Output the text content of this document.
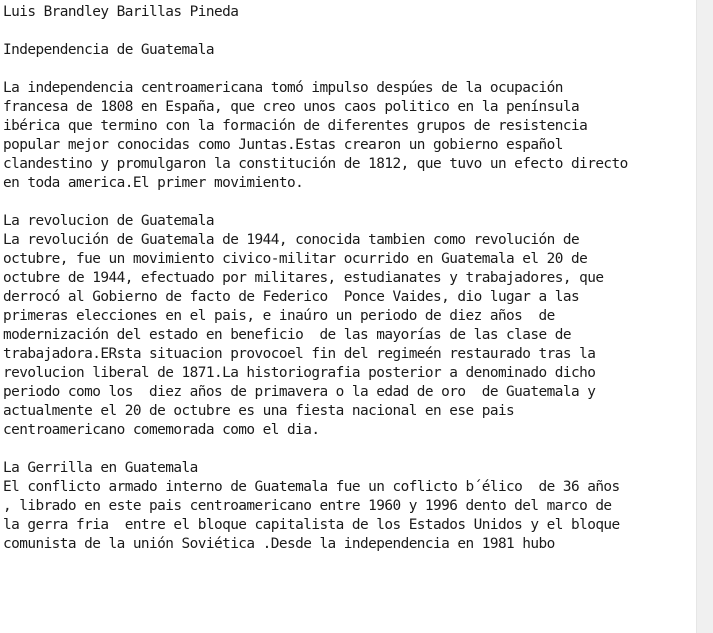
Luis Brandley Barillas Pineda
Independencia de Guatemala
La independencia centroamericana tomó impulso despúes de la ocupación
francesa de 1808 en España, que creo unos caos politico en la península
ibérica que termino con la formación de diferentes grupos de resistencia
popular mejor conocidas como Juntas.Estas crearon un gobierno español
clandestino y promulgaron la constitución de 1812, que tuvo un efecto directo
en toda america.El primer movimiento.
La revolucion de Guatemala
La revolución de Guatemala de 1944, conocida tambien como revolución de
octubre, fue un movimiento civico-militar ocurrido en Guatemala el 20 de
octubre de 1944, efectuado por militares, estudianates y trabajadores, que
derrocó al Gobierno de facto de Federico  Ponce Vaides, dio lugar a las
primeras elecciones en el pais, e inaúro un periodo de diez años  de
modernización del estado en beneficio  de las mayorías de las clase de
trabajadora.ERsta situacion provocoel fin del regimeén restaurado tras la
revolucion liberal de 1871.La historiografia posterior a denominado dicho
periodo como los  diez años de primavera o la edad de oro  de Guatemala y
actualmente el 20 de octubre es una fiesta nacional en ese pais
centroamericano comemorada como el dia.
La Gerrilla en Guatemala
El conflicto armado interno de Guatemala fue un coflicto b´élico  de 36 años
, librado en este pais centroamericano entre 1960 y 1996 dento del marco de
la gerra fria  entre el bloque capitalista de los Estados Unidos y el bloque
comunista de la unión Soviética .Desde la independencia en 1981 hubo
